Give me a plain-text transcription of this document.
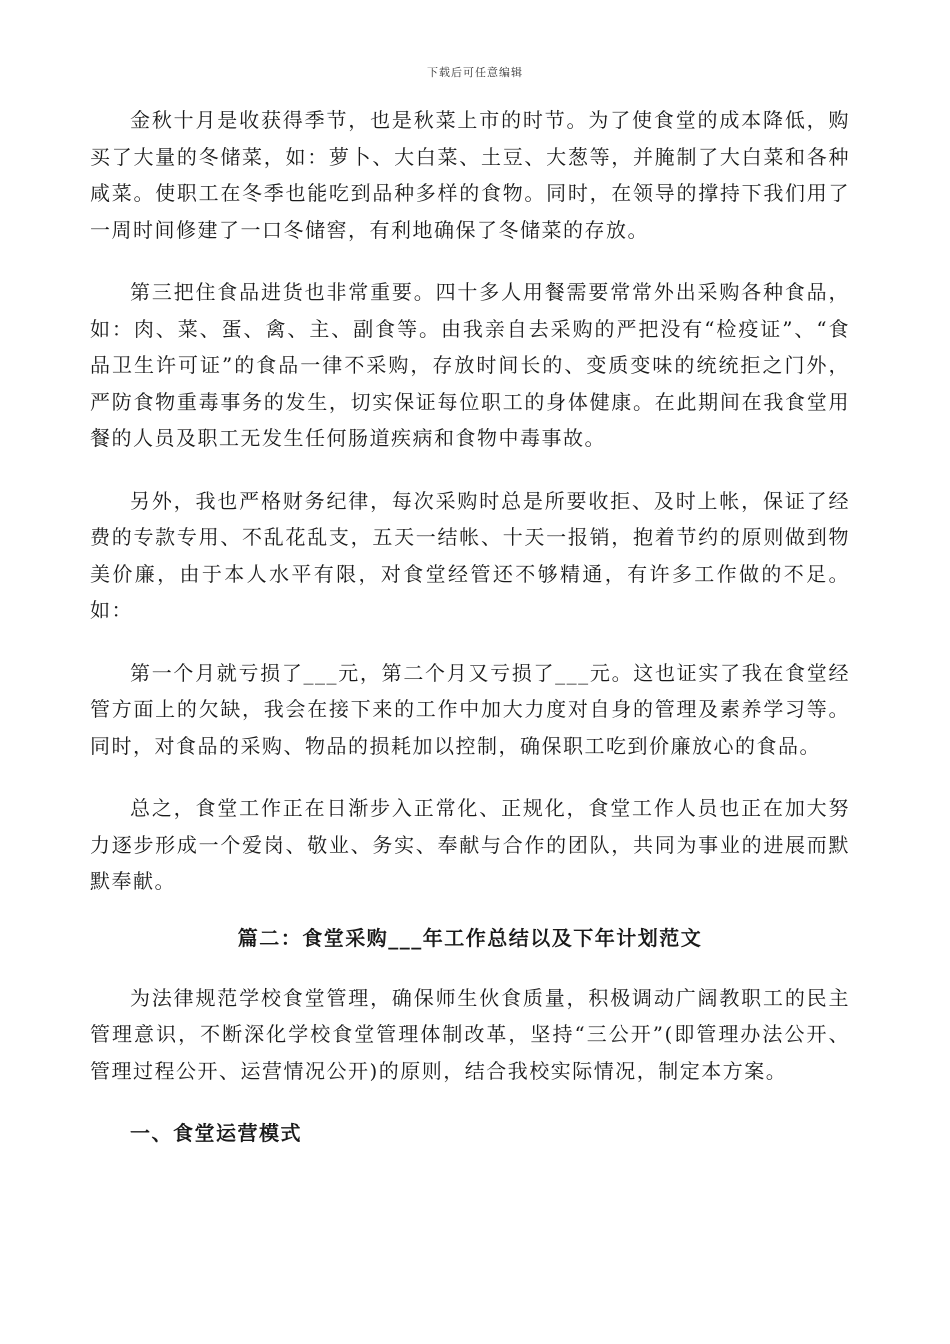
下载后可任意编辑

金秋十月是收获得季节，也是秋菜上市的时节。为了使食堂的成本降低，购买了大量的冬储菜，如：萝卜、大白菜、土豆、大葱等，并腌制了大白菜和各种咸菜。使职工在冬季也能吃到品种多样的食物。同时，在领导的撑持下我们用了一周时间修建了一口冬储窖，有利地确保了冬储菜的存放。

第三把住食品进货也非常重要。四十多人用餐需要常常外出采购各种食品，如：肉、菜、蛋、禽、主、副食等。由我亲自去采购的严把没有“检疫证”、“食品卫生许可证”的食品一律不采购，存放时间长的、变质变味的统统拒之门外，严防食物重毒事务的发生，切实保证每位职工的身体健康。在此期间在我食堂用餐的人员及职工无发生任何肠道疾病和食物中毒事故。

另外，我也严格财务纪律，每次采购时总是所要收拒、及时上帐，保证了经费的专款专用、不乱花乱支，五天一结帐、十天一报销，抱着节约的原则做到物美价廉，由于本人水平有限，对食堂经管还不够精通，有许多工作做的不足。如：

第一个月就亏损了___元，第二个月又亏损了___元。这也证实了我在食堂经管方面上的欠缺，我会在接下来的工作中加大力度对自身的管理及素养学习等。同时，对食品的采购、物品的损耗加以控制，确保职工吃到价廉放心的食品。

总之，食堂工作正在日渐步入正常化、正规化，食堂工作人员也正在加大努力逐步形成一个爱岗、敬业、务实、奉献与合作的团队，共同为事业的进展而默默奉献。

篇二：食堂采购___年工作总结以及下年计划范文

为法律规范学校食堂管理，确保师生伙食质量，积极调动广阔教职工的民主管理意识，不断深化学校食堂管理体制改革，坚持“三公开”(即管理办法公开、管理过程公开、运营情况公开)的原则，结合我校实际情况，制定本方案。

一、食堂运营模式
